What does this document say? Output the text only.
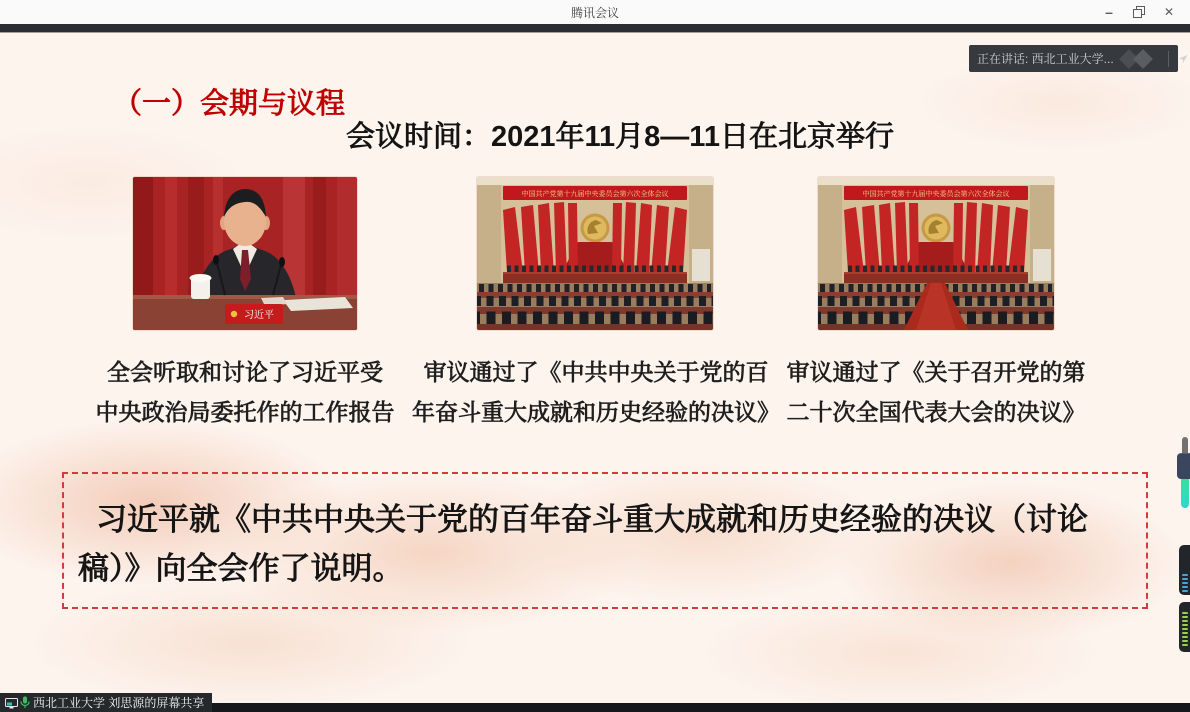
腾讯会议	–	✕
（一）会期与议程
会议时间：2021年11月8—11日在北京举行
习近平
中国共产党第十九届中央委员会第六次全体会议	中国共产党第十九届中央委员会第六次全体会议
全会听取和讨论了习近平受
中央政治局委托作的工作报告
审议通过了《中共中央关于党的百
年奋斗重大成就和历史经验的决议》
审议通过了《关于召开党的第
二十次全国代表大会的决议》
习近平就《中共中央关于党的百年奋斗重大成就和历史经验的决议（讨论
稿）》向全会作了说明。
正在讲话: 西北工业大学...
西北工业大学 刘思源的屏幕共享
